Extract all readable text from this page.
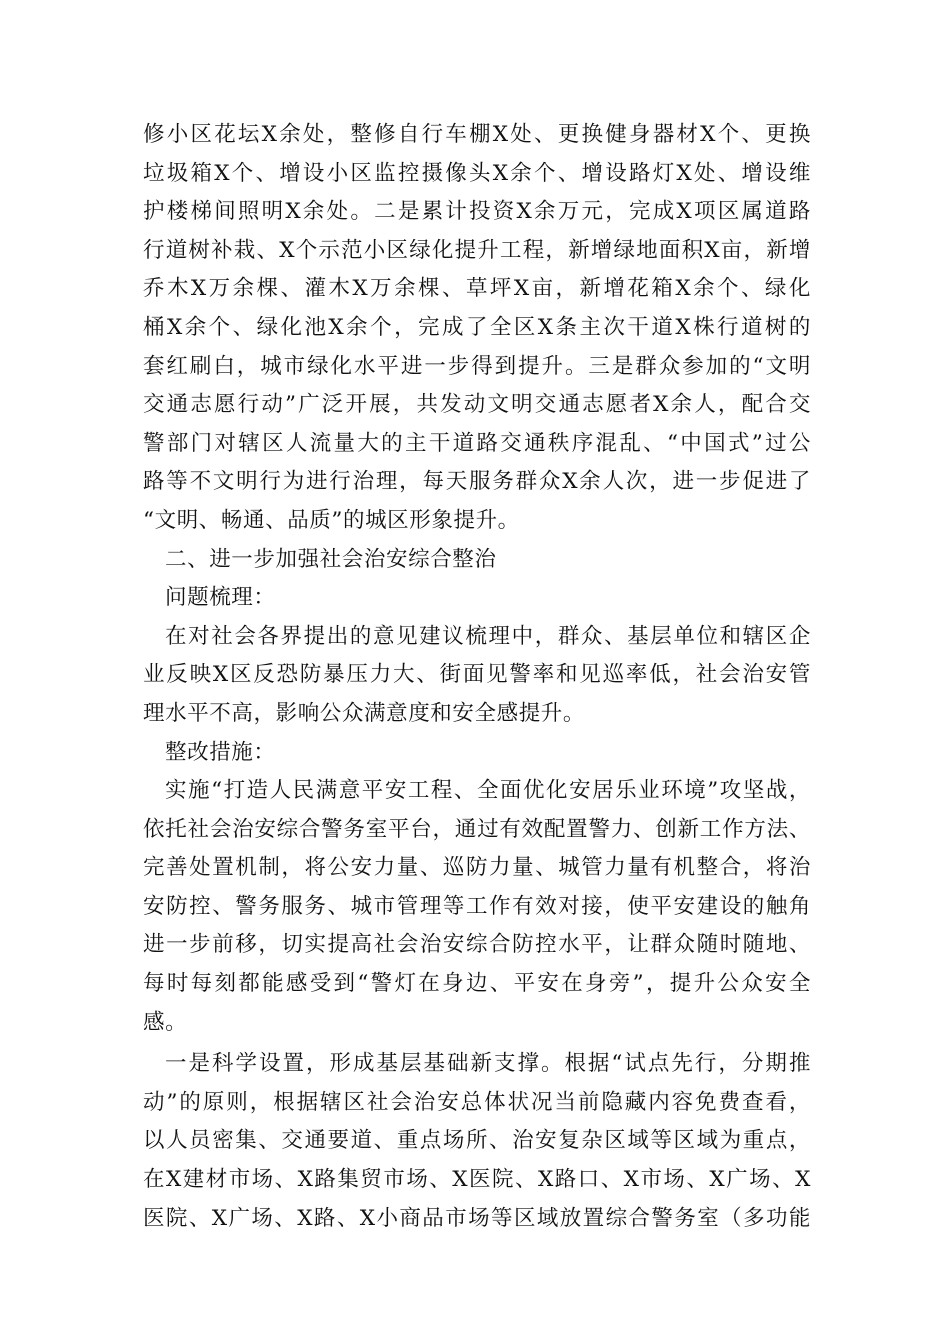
修小区花坛X余处，整修自行车棚X处、更换健身器材X个、更换
垃圾箱X个、增设小区监控摄像头X余个、增设路灯X处、增设维
护楼梯间照明X余处。二是累计投资X余万元，完成X项区属道路
行道树补栽、X个示范小区绿化提升工程，新增绿地面积X亩，新增
乔木X万余棵、灌木X万余棵、草坪X亩，新增花箱X余个、绿化
桶X余个、绿化池X余个，完成了全区X条主次干道X株行道树的
套红刷白，城市绿化水平进一步得到提升。三是群众参加的“文明
交通志愿行动”广泛开展，共发动文明交通志愿者X余人，配合交
警部门对辖区人流量大的主干道路交通秩序混乱、“中国式”过公
路等不文明行为进行治理，每天服务群众X余人次，进一步促进了
“文明、畅通、品质”的城区形象提升。
二、进一步加强社会治安综合整治
问题梳理：
在对社会各界提出的意见建议梳理中，群众、基层单位和辖区企
业反映X区反恐防暴压力大、街面见警率和见巡率低，社会治安管
理水平不高，影响公众满意度和安全感提升。
整改措施：
实施“打造人民满意平安工程、全面优化安居乐业环境”攻坚战，
依托社会治安综合警务室平台，通过有效配置警力、创新工作方法、
完善处置机制，将公安力量、巡防力量、城管力量有机整合，将治
安防控、警务服务、城市管理等工作有效对接，使平安建设的触角
进一步前移，切实提高社会治安综合防控水平，让群众随时随地、
每时每刻都能感受到“警灯在身边、平安在身旁”，提升公众安全
感。
一是科学设置，形成基层基础新支撑。根据“试点先行，分期推
动”的原则，根据辖区社会治安总体状况当前隐藏内容免费查看，
以人员密集、交通要道、重点场所、治安复杂区域等区域为重点，
在X建材市场、X路集贸市场、X医院、X路口、X市场、X广场、X
医院、X广场、X路、X小商品市场等区域放置综合警务室（多功能
